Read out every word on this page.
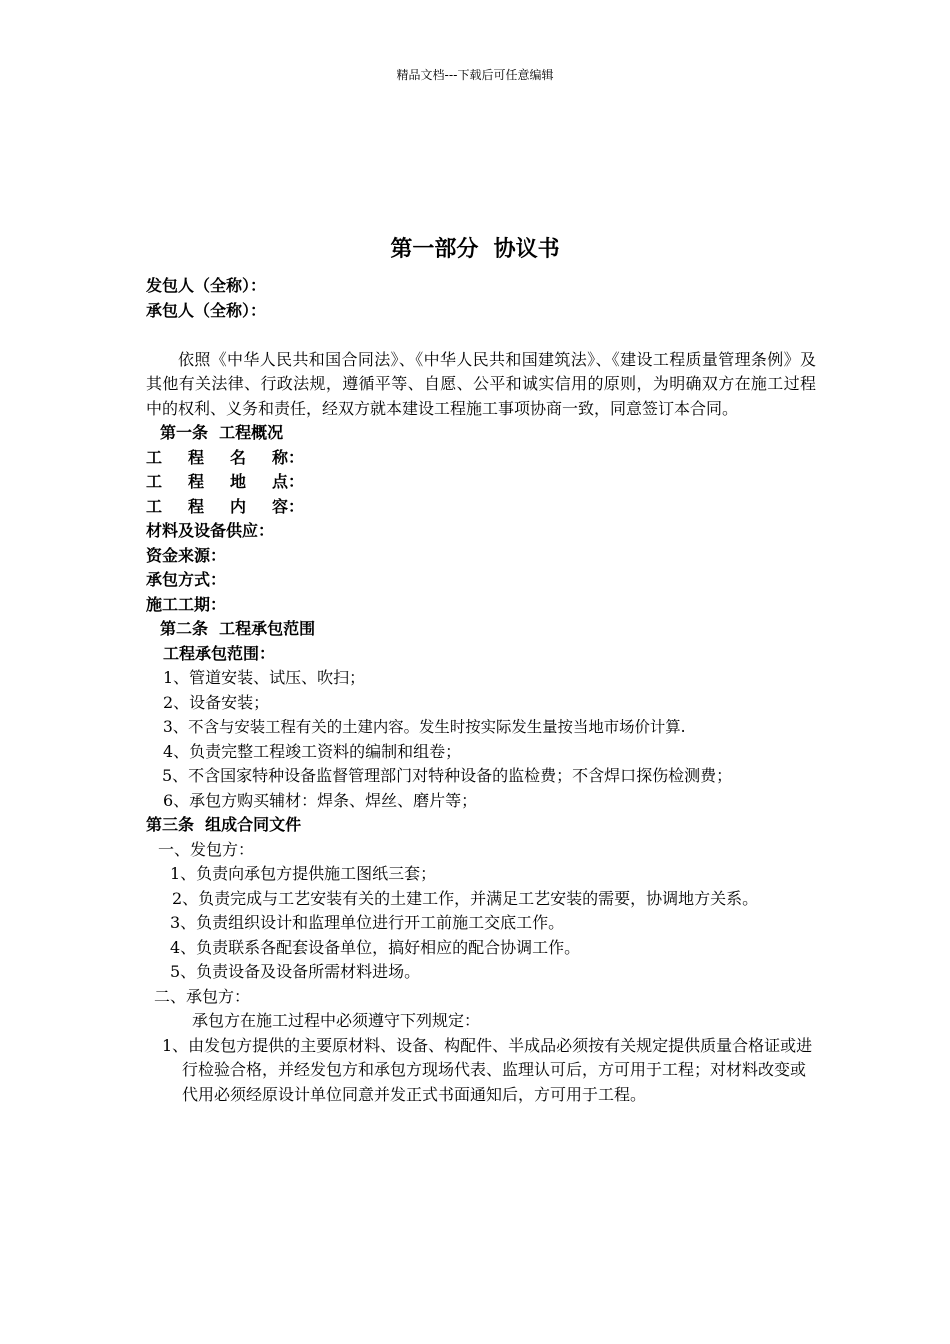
精品文档---下载后可任意编辑
第一部分  协议书

发包人（全称）：

承包人（全称）：

依照《中华人民共和国合同法》、《中华人民共和国建筑法》、《建设工程质量管理条例》及其他有关法律、行政法规，遵循平等、自愿、公平和诚实信用的原则，为明确双方在施工过程中的权利、义务和责任，经双方就本建设工程施工事项协商一致，同意签订本合同。

第一条  工程概况

工程名称：

工程地点：

工程内容：

材料及设备供应：

资金来源：

承包方式：

施工工期：

第二条  工程承包范围

工程承包范围：

1、管道安装、试压、吹扫；

2、设备安装；

3、不含与安装工程有关的土建内容。发生时按实际发生量按当地市场价计算.

4、负责完整工程竣工资料的编制和组卷；

5、不含国家特种设备监督管理部门对特种设备的监检费；不含焊口探伤检测费；

6、承包方购买辅材：焊条、焊丝、磨片等；

第三条  组成合同文件

一、发包方：

1、负责向承包方提供施工图纸三套；

2、负责完成与工艺安装有关的土建工作，并满足工艺安装的需要，协调地方关系。

3、负责组织设计和监理单位进行开工前施工交底工作。

4、负责联系各配套设备单位，搞好相应的配合协调工作。

5、负责设备及设备所需材料进场。

二、承包方：

承包方在施工过程中必须遵守下列规定：

1、由发包方提供的主要原材料、设备、构配件、半成品必须按有关规定提供质量合格证或进行检验合格，并经发包方和承包方现场代表、监理认可后，方可用于工程；对材料改变或代用必须经原设计单位同意并发正式书面通知后，方可用于工程。
